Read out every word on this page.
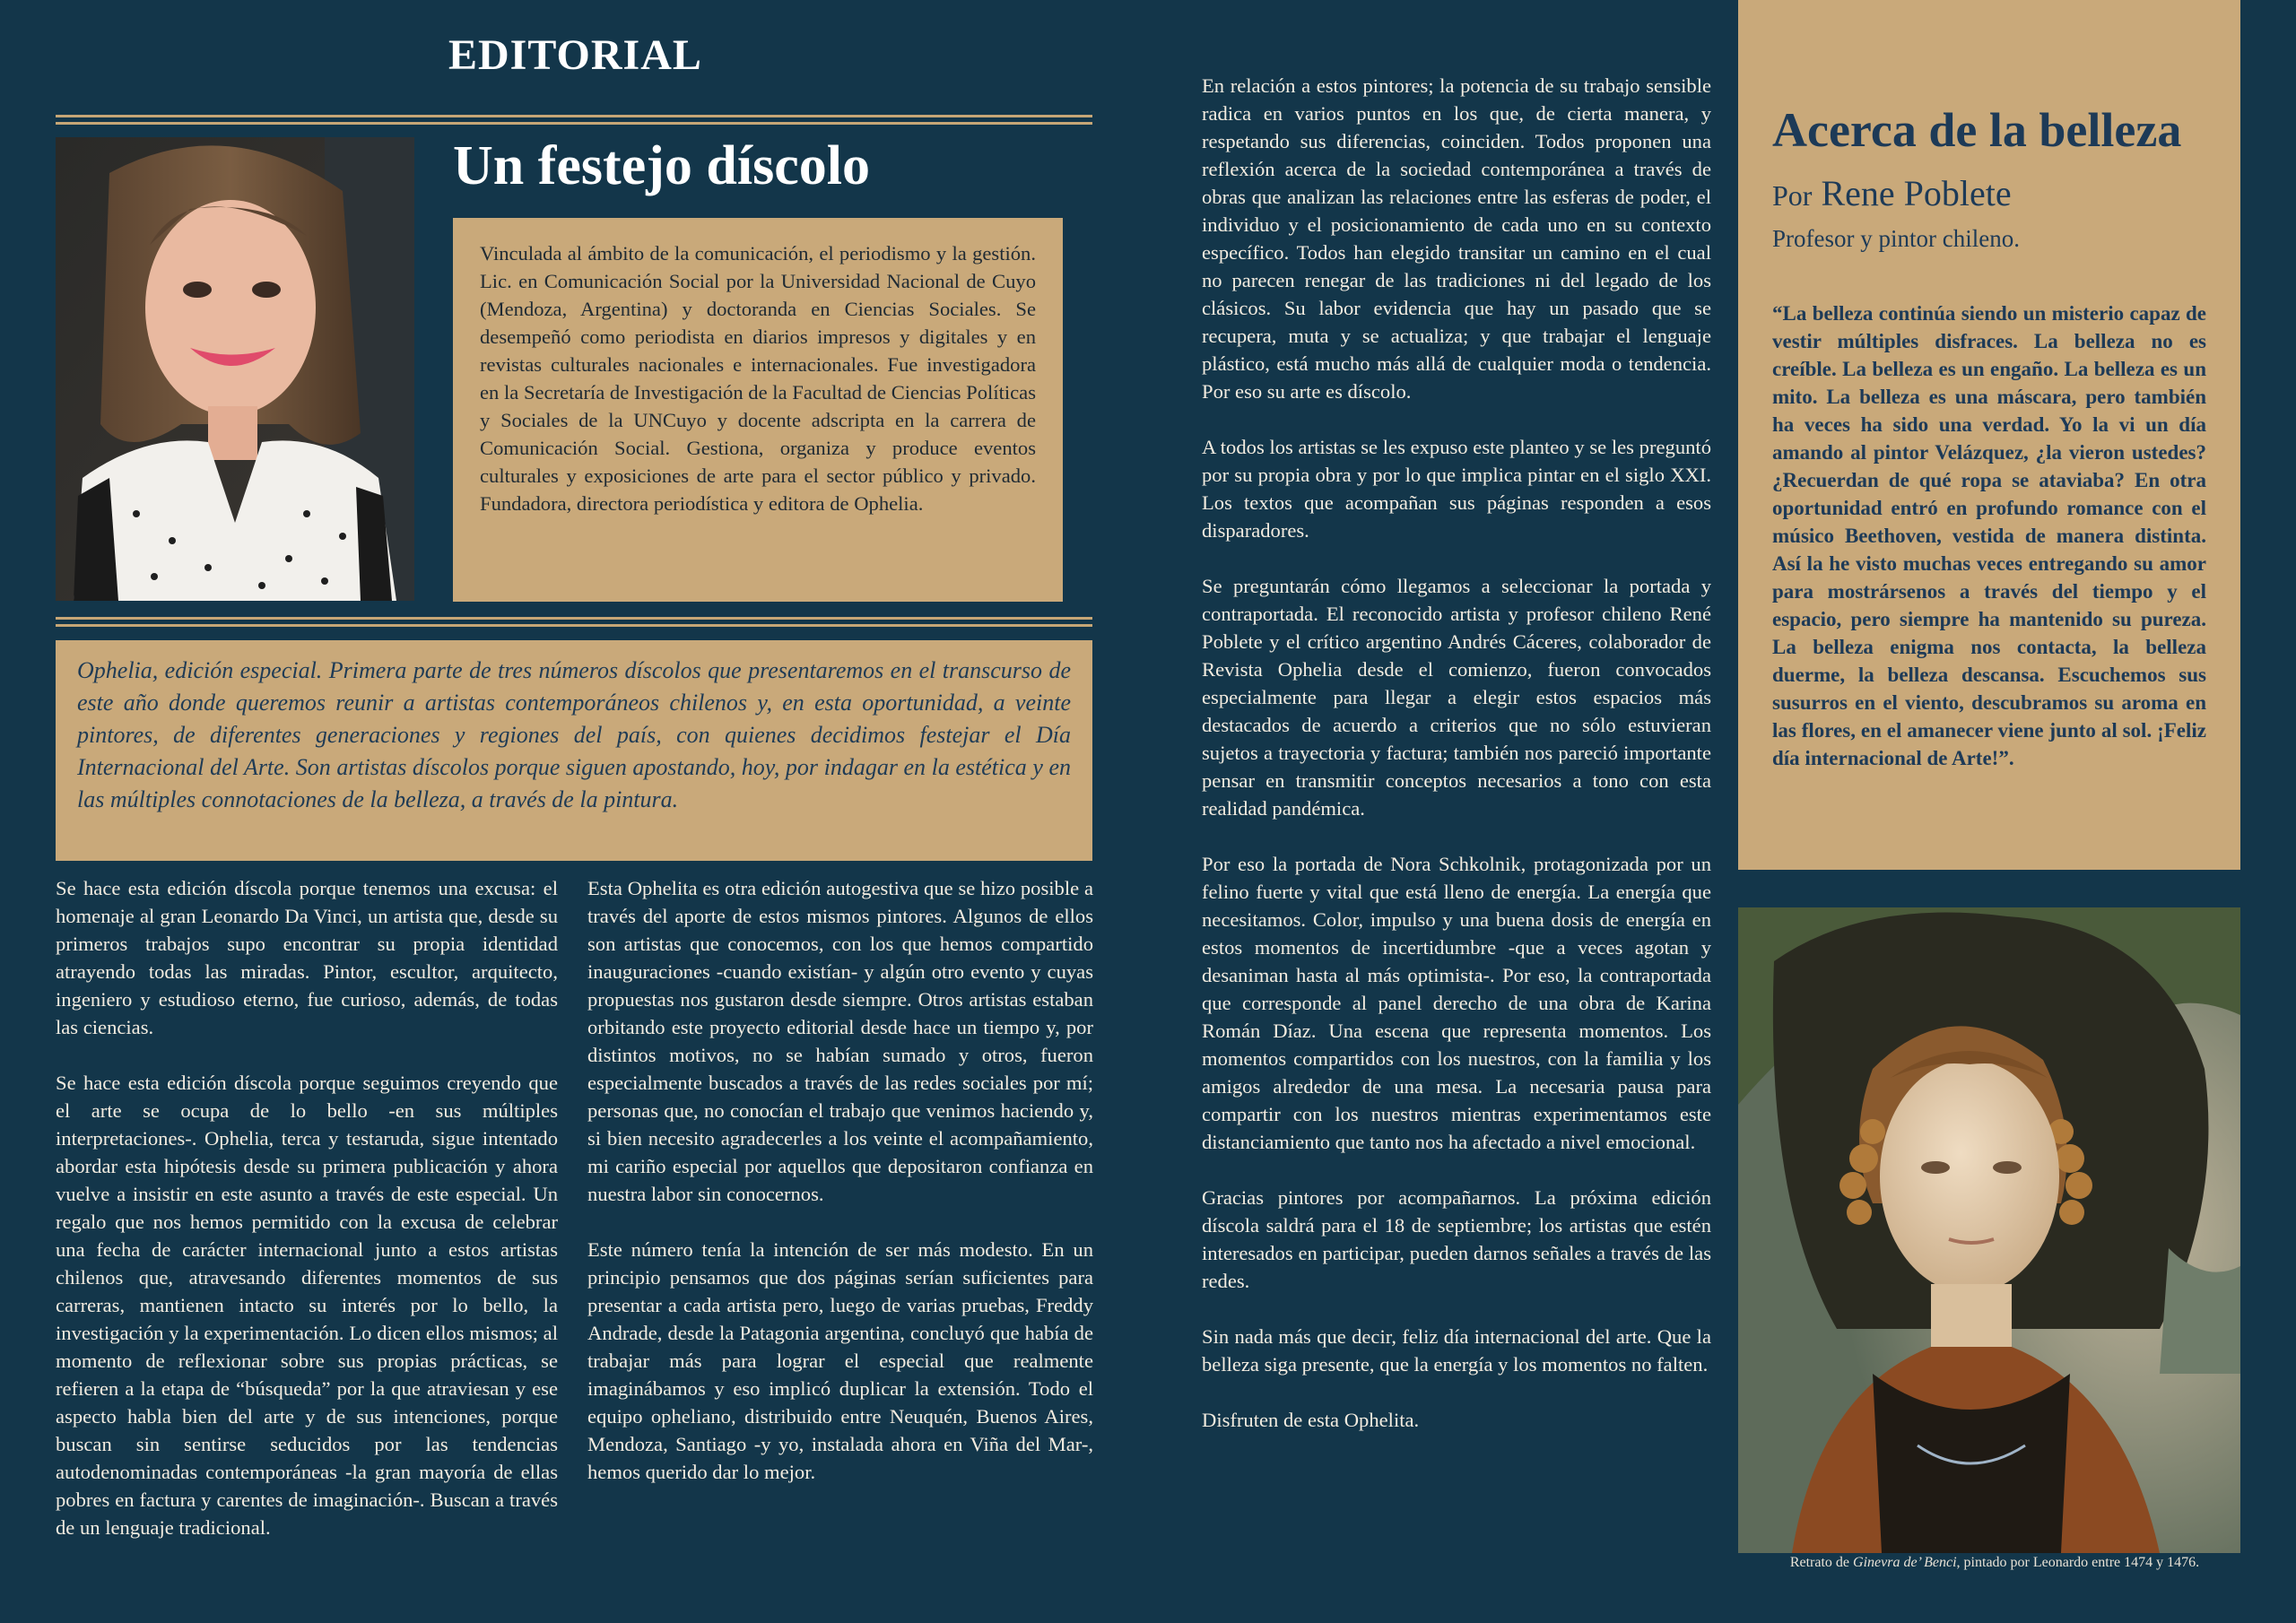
EDITORIAL
Un festejo díscolo
Vinculada al ámbito de la comunicación, el periodismo y la gestión. Lic. en Comunicación Social por la Universidad Nacional de Cuyo (Mendoza, Argentina) y doctoranda en Ciencias Sociales. Se desempeñó como periodista en diarios impresos y digitales y en revistas culturales nacionales e internacionales. Fue investigadora en la Secretaría de Investigación de la Facultad de Ciencias Políticas y Sociales de la UNCuyo y docente adscripta en la carrera de Comunicación Social. Gestiona, organiza y produce eventos culturales y exposiciones de arte para el sector público y privado. Fundadora, directora periodística y editora de Ophelia.
Ophelia, edición especial. Primera parte de tres números díscolos que presentaremos en el transcurso de este año donde queremos reunir a artistas contemporáneos chilenos y, en esta oportunidad, a veinte pintores, de diferentes generaciones y regiones del país, con quienes decidimos festejar el Día Internacional del Arte. Son artistas díscolos porque siguen apostando, hoy, por indagar en la estética y en las múltiples connotaciones de la belleza, a través de la pintura.

Se hace esta edición díscola porque tenemos una excusa: el homenaje al gran Leonardo Da Vinci, un artista que, desde su primeros trabajos supo encontrar su propia identidad atrayendo todas las miradas. Pintor, escultor, arquitecto, ingeniero y estudioso eterno, fue curioso, además, de todas las ciencias.

Se hace esta edición díscola porque seguimos creyendo que el arte se ocupa de lo bello -en sus múltiples interpretaciones-. Ophelia, terca y testaruda, sigue intentado abordar esta hipótesis desde su primera publicación y ahora vuelve a insistir en este asunto a través de este especial. Un regalo que nos hemos permitido con la excusa de celebrar una fecha de carácter internacional junto a estos artistas chilenos que, atravesando diferentes momentos de sus carreras, mantienen intacto su interés por lo bello, la investigación y la experimentación. Lo dicen ellos mismos; al momento de reflexionar sobre sus propias prácticas, se refieren a la etapa de “búsqueda” por la que atraviesan y ese aspecto habla bien del arte y de sus intenciones, porque buscan sin sentirse seducidos por las tendencias autodenominadas contemporáneas -la gran mayoría de ellas pobres en factura y carentes de imaginación-. Buscan a través de un lenguaje tradicional.

Esta Ophelita es otra edición autogestiva que se hizo posible a través del aporte de estos mismos pintores. Algunos de ellos son artistas que conocemos, con los que hemos compartido inauguraciones -cuando existían- y algún otro evento y cuyas propuestas nos gustaron desde siempre. Otros artistas estaban orbitando este proyecto editorial desde hace un tiempo y, por distintos motivos, no se habían sumado y otros, fueron especialmente buscados a través de las redes sociales por mí; personas que, no conocían el trabajo que venimos haciendo y, si bien necesito agradecerles a los veinte el acompañamiento, mi cariño especial por aquellos que depositaron confianza en nuestra labor sin conocernos.

Este número tenía la intención de ser más modesto. En un principio pensamos que dos páginas serían suficientes para presentar a cada artista pero, luego de varias pruebas, Freddy Andrade, desde la Patagonia argentina, concluyó que había de trabajar más para lograr el especial que realmente imaginábamos y eso implicó duplicar la extensión. Todo el equipo opheliano, distribuido entre Neuquén, Buenos Aires, Mendoza, Santiago -y yo, instalada ahora en Viña del Mar-, hemos querido dar lo mejor.

En relación a estos pintores; la potencia de su trabajo sensible radica en varios puntos en los que, de cierta manera, y respetando sus diferencias, coinciden. Todos proponen una reflexión acerca de la sociedad contemporánea a través de obras que analizan las relaciones entre las esferas de poder, el individuo y el posicionamiento de cada uno en su contexto específico. Todos han elegido transitar un camino en el cual no parecen renegar de las tradiciones ni del legado de los clásicos. Su labor evidencia que hay un pasado que se recupera, muta y se actualiza; y que trabajar el lenguaje plástico, está mucho más allá de cualquier moda o tendencia. Por eso su arte es díscolo.

A todos los artistas se les expuso este planteo y se les preguntó por su propia obra y por lo que implica pintar en el siglo XXI. Los textos que acompañan sus páginas responden a esos disparadores.

Se preguntarán cómo llegamos a seleccionar la portada y contraportada. El reconocido artista y profesor chileno René Poblete y el crítico argentino Andrés Cáceres, colaborador de Revista Ophelia desde el comienzo, fueron convocados especialmente para llegar a elegir estos espacios más destacados de acuerdo a criterios que no sólo estuvieran sujetos a trayectoria y factura; también nos pareció importante pensar en transmitir conceptos necesarios a tono con esta realidad pandémica.

Por eso la portada de Nora Schkolnik, protagonizada por un felino fuerte y vital que está lleno de energía. La energía que necesitamos. Color, impulso y una buena dosis de energía en estos momentos de incertidumbre -que a veces agotan y desaniman hasta al más optimista-. Por eso, la contraportada que corresponde al panel derecho de una obra de Karina Román Díaz. Una escena que representa momentos. Los momentos compartidos con los nuestros, con la familia y los amigos alrededor de una mesa. La necesaria pausa para compartir con los nuestros mientras experimentamos este distanciamiento que tanto nos ha afectado a nivel emocional.

Gracias pintores por acompañarnos. La próxima edición díscola saldrá para el 18 de septiembre; los artistas que estén interesados en participar, pueden darnos señales a través de las redes.

Sin nada más que decir, feliz día internacional del arte. Que la belleza siga presente, que la energía y los momentos no falten.

Disfruten de esta Ophelita.

Acerca de la belleza
Por Rene Poblete
Profesor y pintor chileno.
“La belleza continúa siendo un misterio capaz de vestir múltiples disfraces. La belleza no es creíble. La belleza es un engaño. La belleza es un mito. La belleza es una máscara, pero también ha veces ha sido una verdad. Yo la vi un día amando al pintor Velázquez, ¿la vieron ustedes? ¿Recuerdan de qué ropa se ataviaba? En otra oportunidad entró en profundo romance con el músico Beethoven, vestida de manera distinta. Así la he visto muchas veces entregando su amor para mostrársenos a través del tiempo y el espacio, pero siempre ha mantenido su pureza. La belleza enigma nos contacta, la belleza duerme, la belleza descansa. Escuchemos sus susurros en el viento, descubramos su aroma en las flores, en el amanecer viene junto al sol. ¡Feliz día internacional de Arte!”.
Retrato de Ginevra de’ Benci, pintado por Leonardo entre 1474 y 1476.
